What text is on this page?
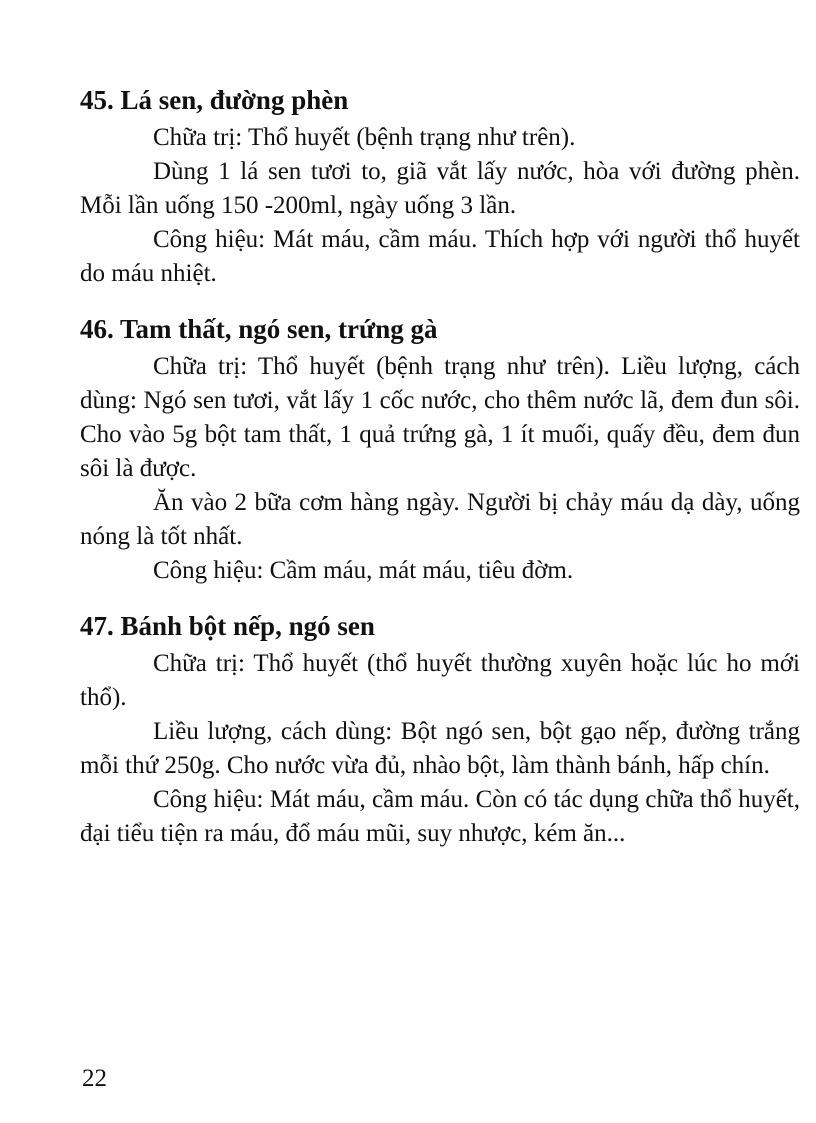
45. Lá sen, đường phèn

Chữa trị: Thổ huyết (bệnh trạng như trên).

Dùng 1 lá sen tươi to, giã vắt lấy nước, hòa với đường phèn. Mỗi lần uống 150 -200ml, ngày uống 3 lần.

Công hiệu: Mát máu, cầm máu. Thích hợp với người thổ huyết do máu nhiệt.

46. Tam thất, ngó sen, trứng gà

Chữa trị: Thổ huyết (bệnh trạng như trên). Liều lượng, cách dùng: Ngó sen tươi, vắt lấy 1 cốc nước, cho thêm nước lã, đem đun sôi. Cho vào 5g bột tam thất, 1 quả trứng gà, 1 ít muối, quấy đều, đem đun sôi là được.

Ăn vào 2 bữa cơm hàng ngày. Người bị chảy máu dạ dày, uống nóng là tốt nhất.

Công hiệu: Cầm máu, mát máu, tiêu đờm.

47. Bánh bột nếp, ngó sen

Chữa trị: Thổ huyết (thổ huyết thường xuyên hoặc lúc ho mới thổ).

Liều lượng, cách dùng: Bột ngó sen, bột gạo nếp, đường trắng mỗi thứ 250g. Cho nước vừa đủ, nhào bột, làm thành bánh, hấp chín.

Công hiệu: Mát máu, cầm máu. Còn có tác dụng chữa thổ huyết, đại tiểu tiện ra máu, đổ máu mũi, suy nhược, kém ăn...

22
